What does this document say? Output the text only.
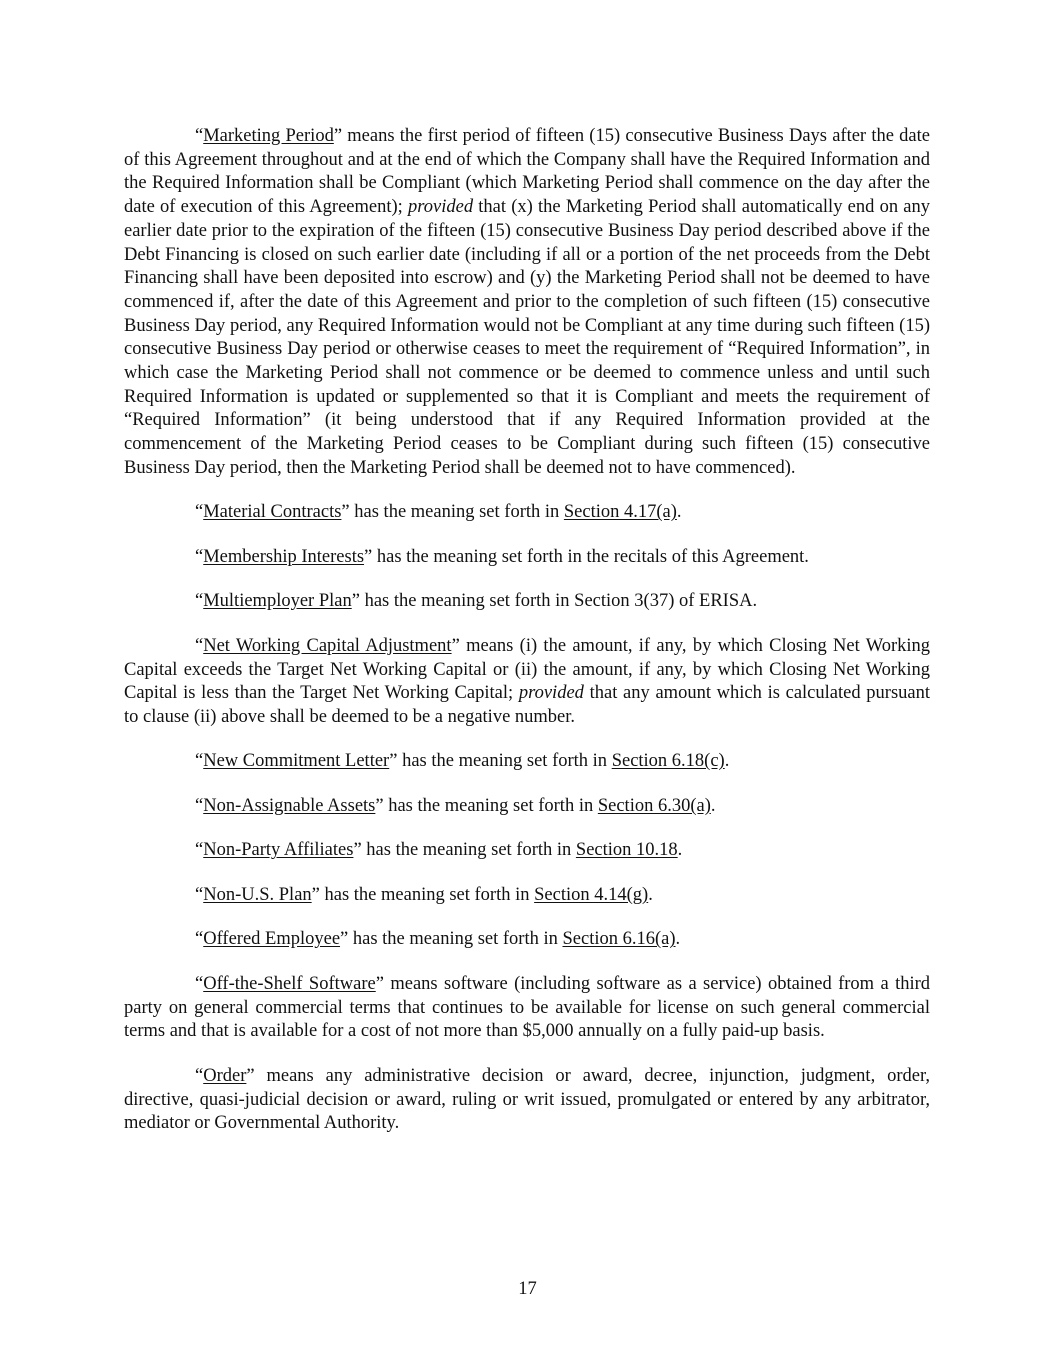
“Marketing Period” means the first period of fifteen (15) consecutive Business Days after the date of this Agreement throughout and at the end of which the Company shall have the Required Information and the Required Information shall be Compliant (which Marketing Period shall commence on the day after the date of execution of this Agreement); provided that (x) the Marketing Period shall automatically end on any earlier date prior to the expiration of the fifteen (15) consecutive Business Day period described above if the Debt Financing is closed on such earlier date (including if all or a portion of the net proceeds from the Debt Financing shall have been deposited into escrow) and (y) the Marketing Period shall not be deemed to have commenced if, after the date of this Agreement and prior to the completion of such fifteen (15) consecutive Business Day period, any Required Information would not be Compliant at any time during such fifteen (15) consecutive Business Day period or otherwise ceases to meet the requirement of “Required Information”, in which case the Marketing Period shall not commence or be deemed to commence unless and until such Required Information is updated or supplemented so that it is Compliant and meets the requirement of “Required Information” (it being understood that if any Required Information provided at the commencement of the Marketing Period ceases to be Compliant during such fifteen (15) consecutive Business Day period, then the Marketing Period shall be deemed not to have commenced).

“Material Contracts” has the meaning set forth in Section 4.17(a).

“Membership Interests” has the meaning set forth in the recitals of this Agreement.

“Multiemployer Plan” has the meaning set forth in Section 3(37) of ERISA.

“Net Working Capital Adjustment” means (i) the amount, if any, by which Closing Net Working Capital exceeds the Target Net Working Capital or (ii) the amount, if any, by which Closing Net Working Capital is less than the Target Net Working Capital; provided that any amount which is calculated pursuant to clause (ii) above shall be deemed to be a negative number.

“New Commitment Letter” has the meaning set forth in Section 6.18(c).

“Non-Assignable Assets” has the meaning set forth in Section 6.30(a).

“Non-Party Affiliates” has the meaning set forth in Section 10.18.

“Non-U.S. Plan” has the meaning set forth in Section 4.14(g).

“Offered Employee” has the meaning set forth in Section 6.16(a).

“Off-the-Shelf Software” means software (including software as a service) obtained from a third party on general commercial terms that continues to be available for license on such general commercial terms and that is available for a cost of not more than $5,000 annually on a fully paid-up basis.

“Order” means any administrative decision or award, decree, injunction, judgment, order, directive, quasi-judicial decision or award, ruling or writ issued, promulgated or entered by any arbitrator, mediator or Governmental Authority.

17
